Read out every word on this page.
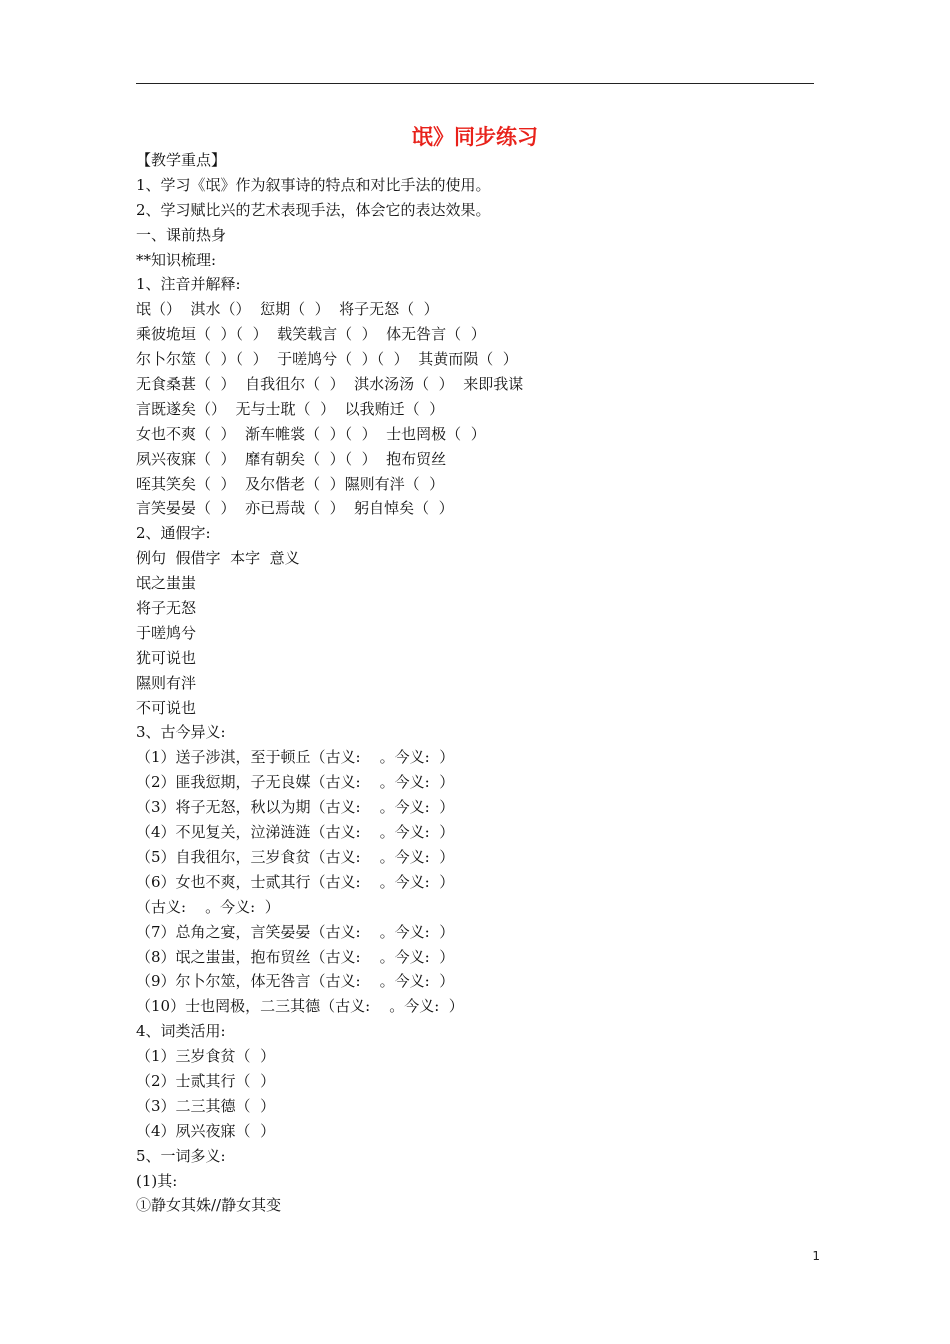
氓》同步练习
【教学重点】
1、学习《氓》作为叙事诗的特点和对比手法的使用。
2、学习赋比兴的艺术表现手法，体会它的表达效果。
一、课前热身
**知识梳理:
1、注音并解释:
氓（）  淇水（）  愆期（  ）  将子无怒（  ）
乘彼垝垣（  ）（  ）  载笑载言（  ）  体无咎言（  ）
尔卜尔筮（  ）（  ）  于嗟鸠兮（  ）（  ）  其黄而陨（  ）
无食桑葚（  ）  自我徂尔（  ）  淇水汤汤（  ）  来即我谋
言既遂矣（）  无与士耽（  ）  以我贿迁（  ）
女也不爽（  ）  渐车帷裳（  ）（  ）  士也罔极（  ）
夙兴夜寐（  ）  靡有朝矣（  ）（  ）  抱布贸丝
咥其笑矣（  ）  及尔偕老（  ）隰则有泮（  ）
言笑晏晏（  ）  亦已焉哉（  ）  躬自悼矣（  ）
2、通假字:
例句  假借字  本字  意义
氓之蚩蚩
将子无怒
于嗟鸠兮
犹可说也
隰则有泮
不可说也
3、古今异义:
（1）送子涉淇，至于顿丘（古义:    。今义:  ）
（2）匪我愆期，子无良媒（古义:    。今义:  ）
（3）将子无怒，秋以为期（古义:    。今义:  ）
（4）不见复关，泣涕涟涟（古义:    。今义:  ）
（5）自我徂尔，三岁食贫（古义:    。今义:  ）
（6）女也不爽，士贰其行（古义:    。今义:  ）
（古义:    。今义:  ）
（7）总角之宴，言笑晏晏（古义:    。今义:  ）
（8）氓之蚩蚩，抱布贸丝（古义:    。今义:  ）
（9）尔卜尔筮，体无咎言（古义:    。今义:  ）
（10）士也罔极，二三其德（古义:    。今义:  ）
4、词类活用:
（1）三岁食贫（  ）
（2）士贰其行（  ）
（3）二三其德（  ）
（4）夙兴夜寐（  ）
5、一词多义:
(1)其:
①静女其姝//静女其变
1
